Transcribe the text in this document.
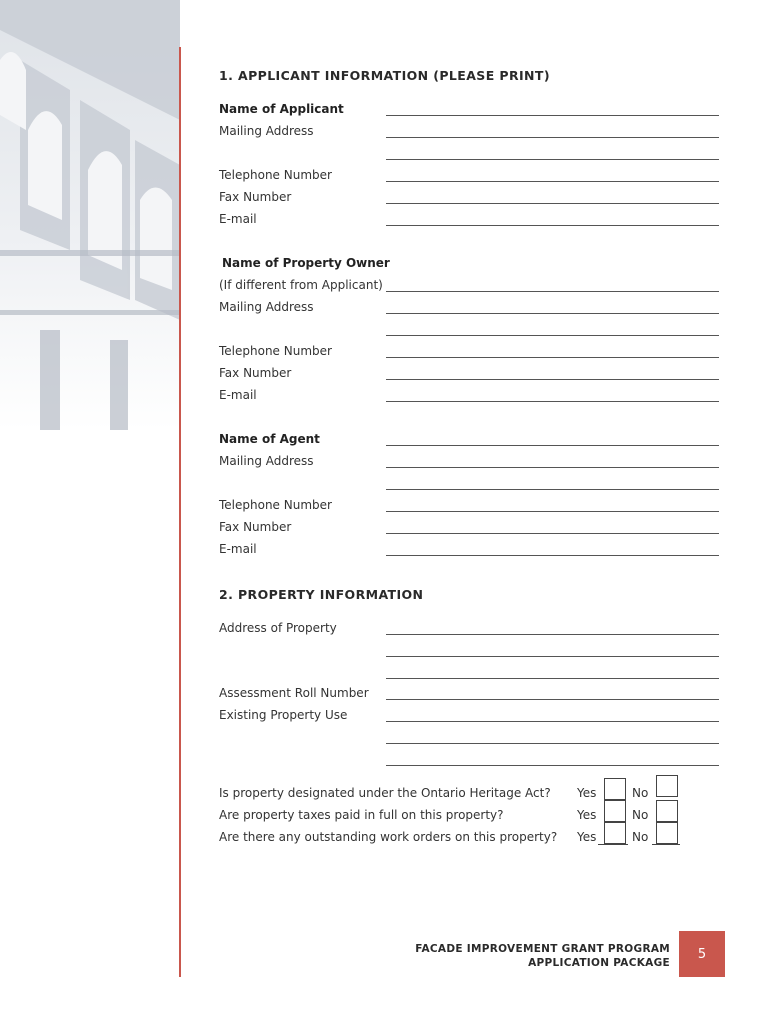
1. APPLICANT INFORMATION (PLEASE PRINT)
Name of Applicant
Mailing Address
Telephone Number
Fax Number
E-mail
Name of Property Owner
(If different from Applicant)
Mailing Address
Telephone Number
Fax Number
E-mail
Name of Agent
Mailing Address
Telephone Number
Fax Number
E-mail
2. PROPERTY INFORMATION
Address of Property
Assessment Roll Number
Existing Property Use
Is property designated under the Ontario Heritage Act?
Are property taxes paid in full on this property?
Are there any outstanding work orders on this property?
Yes
Yes
Yes
No
No
No
FACADE IMPROVEMENT GRANT PROGRAM
APPLICATION PACKAGE
5
